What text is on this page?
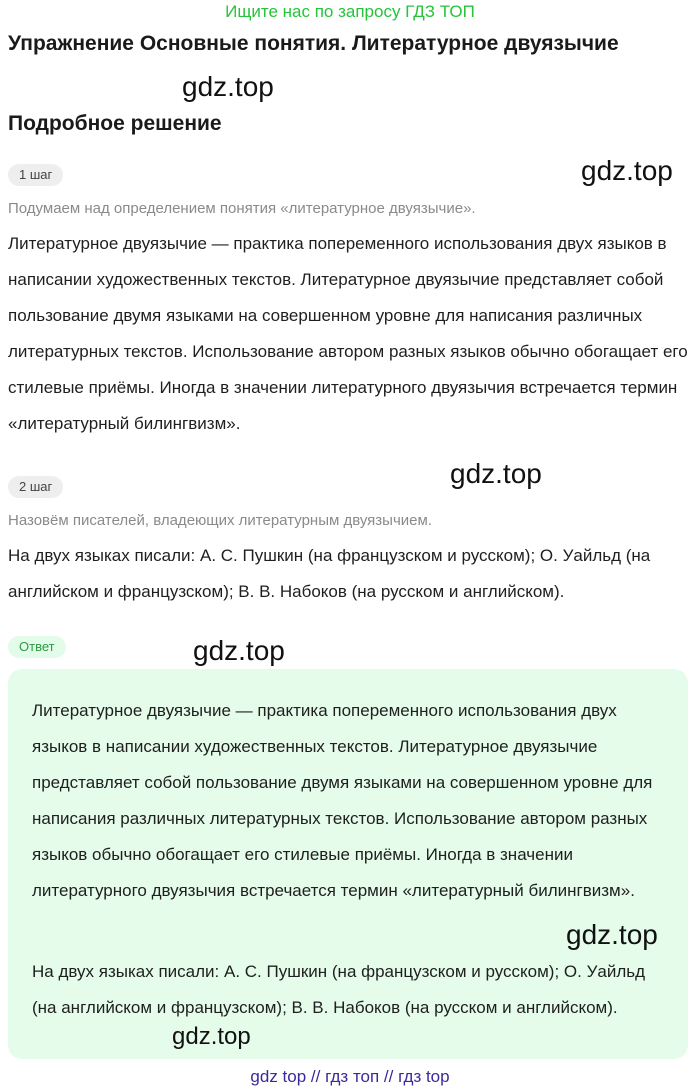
Ищите нас по запросу ГДЗ ТОП
Упражнение Основные понятия. Литературное двуязычие
gdz.top
Подробное решение
gdz.top
1 шаг
Подумаем над определением понятия «литературное двуязычие».
Литературное двуязычие — практика попеременного использования двух языков в написании художественных текстов. Литературное двуязычие представляет собой пользование двумя языками на совершенном уровне для написания различных литературных текстов. Использование автором разных языков обычно обогащает его стилевые приёмы. Иногда в значении литературного двуязычия встречается термин «литературный билингвизм».
gdz.top
2 шаг
Назовём писателей, владеющих литературным двуязычием.
На двух языках писали: А. С. Пушкин (на французском и русском); О. Уайльд (на английском и французском); В. В. Набоков (на русском и английском).
Ответ	gdz.top
Литературное двуязычие — практика попеременного использования двух языков в написании художественных текстов. Литературное двуязычие представляет собой пользование двумя языками на совершенном уровне для написания различных литературных текстов. Использование автором разных языков обычно обогащает его стилевые приёмы. Иногда в значении литературного двуязычия встречается термин «литературный билингвизм».
gdz.top
На двух языках писали: А. С. Пушкин (на французском и русском); О. Уайльд (на английском и французском); В. В. Набоков (на русском и английском).
gdz.top
gdz top // гдз топ // гдз top
